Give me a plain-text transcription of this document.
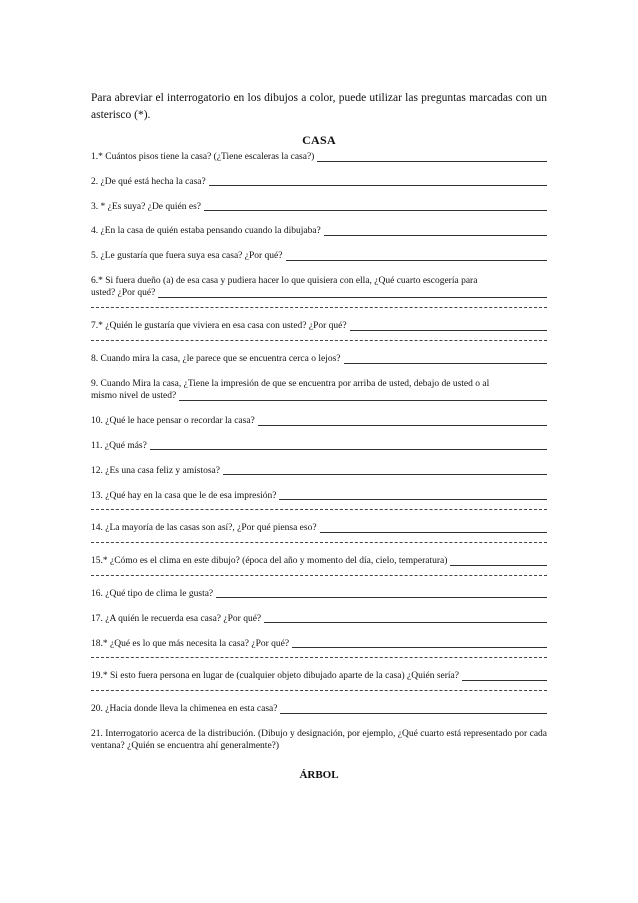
Para abreviar el interrogatorio en los dibujos a color, puede utilizar las preguntas marcadas con un asterisco (*).

CASA
1.* Cuántos pisos tiene la casa? (¿Tiene escaleras la casa?)
2. ¿De qué está hecha la casa?
3. * ¿Es suya? ¿De quién es?
4. ¿En la casa de quién estaba pensando cuando la dibujaba?
5. ¿Le gustaría que fuera suya esa casa? ¿Por qué?
6.* Si fuera dueño (a) de esa casa y pudiera hacer lo que quisiera con ella, ¿Qué cuarto escogería para
usted? ¿Por qué?
7.* ¿Quién le gustaría que viviera en esa casa con usted? ¿Por qué?
8. Cuando mira la casa, ¿le parece que se encuentra cerca o lejos?
9. Cuando Mira la casa, ¿Tiene la impresión de que se encuentra por arriba de usted, debajo de usted o al
mismo nivel de usted?
10. ¿Qué le hace pensar o recordar la casa?
11. ¿Qué más?
12. ¿Es una casa feliz y amistosa?
13. ¿Qué hay en la casa que le de esa impresión?
14. ¿La mayoría de las casas son así?, ¿Por qué piensa eso?
15.* ¿Cómo es el clima en este dibujo? (época del año y momento del día, cielo, temperatura)
16. ¿Qué tipo de clima le gusta?
17. ¿A quién le recuerda esa casa? ¿Por qué?
18.* ¿Qué es lo que más necesita la casa? ¿Por qué?
19.* Si esto fuera persona en lugar de (cualquier objeto dibujado aparte de la casa) ¿Quién sería?
20. ¿Hacia donde lleva la chimenea en esta casa?
21. Interrogatorio acerca de la distribución. (Dibujo y designación, por ejemplo, ¿Qué cuarto está representado por cada ventana? ¿Quién se encuentra ahí generalmente?)
ÁRBOL
